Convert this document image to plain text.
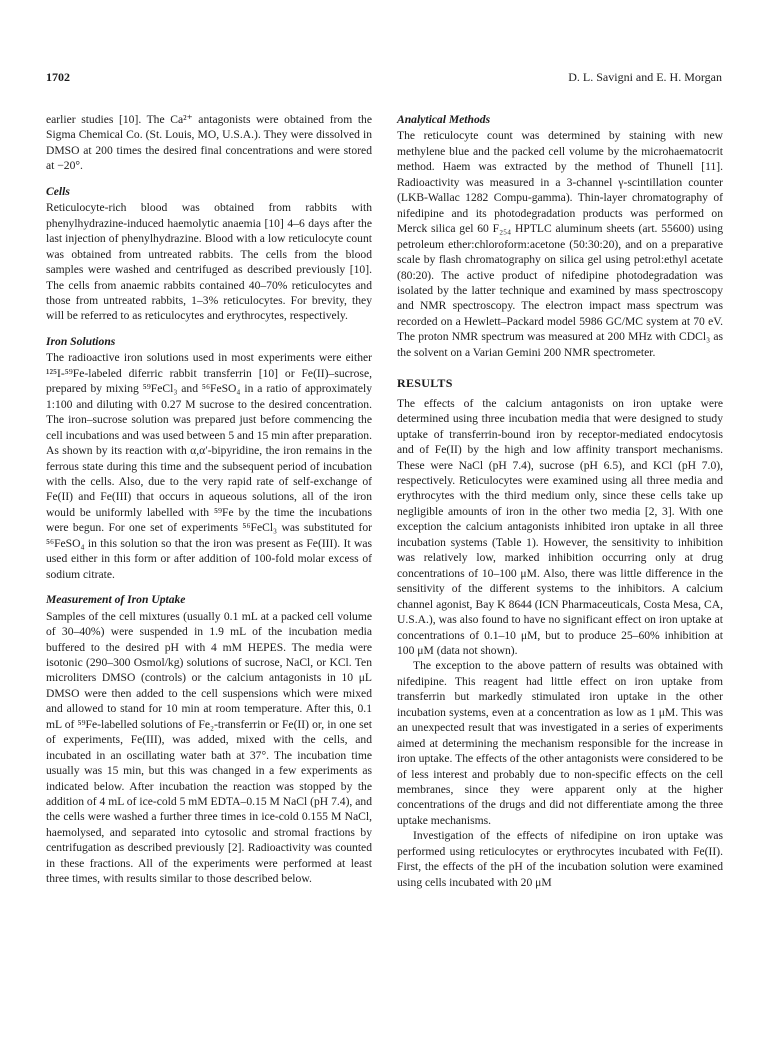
1702	D. L. Savigni and E. H. Morgan

earlier studies [10]. The Ca²⁺ antagonists were obtained from the Sigma Chemical Co. (St. Louis, MO, U.S.A.). They were dissolved in DMSO at 200 times the desired final concentrations and were stored at −20°.

Cells

Reticulocyte-rich blood was obtained from rabbits with phenylhydrazine-induced haemolytic anaemia [10] 4–6 days after the last injection of phenylhydrazine. Blood with a low reticulocyte count was obtained from untreated rabbits. The cells from the blood samples were washed and centrifuged as described previously [10]. The cells from anaemic rabbits contained 40–70% reticulocytes and those from untreated rabbits, 1–3% reticulocytes. For brevity, they will be referred to as reticulocytes and erythrocytes, respectively.

Iron Solutions

The radioactive iron solutions used in most experiments were either ¹²⁵I-⁵⁹Fe-labeled diferric rabbit transferrin [10] or Fe(II)–sucrose, prepared by mixing ⁵⁹FeCl₃ and ⁵⁶FeSO₄ in a ratio of approximately 1:100 and diluting with 0.27 M sucrose to the desired concentration. The iron–sucrose solution was prepared just before commencing the cell incubations and was used between 5 and 15 min after preparation. As shown by its reaction with α,α′-bipyridine, the iron remains in the ferrous state during this time and the subsequent period of incubation with the cells. Also, due to the very rapid rate of self-exchange of Fe(II) and Fe(III) that occurs in aqueous solutions, all of the iron would be uniformly labelled with ⁵⁹Fe by the time the incubations were begun. For one set of experiments ⁵⁶FeCl₃ was substituted for ⁵⁶FeSO₄ in this solution so that the iron was present as Fe(III). It was used either in this form or after addition of 100-fold molar excess of sodium citrate.

Measurement of Iron Uptake

Samples of the cell mixtures (usually 0.1 mL at a packed cell volume of 30–40%) were suspended in 1.9 mL of the incubation media buffered to the desired pH with 4 mM HEPES. The media were isotonic (290–300 Osmol/kg) solutions of sucrose, NaCl, or KCl. Ten microliters DMSO (controls) or the calcium antagonists in 10 μL DMSO were then added to the cell suspensions which were mixed and allowed to stand for 10 min at room temperature. After this, 0.1 mL of ⁵⁹Fe-labelled solutions of Fe₂-transferrin or Fe(II) or, in one set of experiments, Fe(III), was added, mixed with the cells, and incubated in an oscillating water bath at 37°. The incubation time usually was 15 min, but this was changed in a few experiments as indicated below. After incubation the reaction was stopped by the addition of 4 mL of ice-cold 5 mM EDTA–0.15 M NaCl (pH 7.4), and the cells were washed a further three times in ice-cold 0.155 M NaCl, haemolysed, and separated into cytosolic and stromal fractions by centrifugation as described previously [2]. Radioactivity was counted in these fractions. All of the experiments were performed at least three times, with results similar to those described below.

Analytical Methods

The reticulocyte count was determined by staining with new methylene blue and the packed cell volume by the microhaematocrit method. Haem was extracted by the method of Thunell [11]. Radioactivity was measured in a 3-channel γ-scintillation counter (LKB-Wallac 1282 Compu-gamma). Thin-layer chromatography of nifedipine and its photodegradation products was performed on Merck silica gel 60 F₂₅₄ HPTLC aluminum sheets (art. 55600) using petroleum ether:chloroform:acetone (50:30:20), and on a preparative scale by flash chromatography on silica gel using petrol:ethyl acetate (80:20). The active product of nifedipine photodegradation was isolated by the latter technique and examined by mass spectroscopy and NMR spectroscopy. The electron impact mass spectrum was recorded on a Hewlett–Packard model 5986 GC/MC system at 70 eV. The proton NMR spectrum was measured at 200 MHz with CDCl₃ as the solvent on a Varian Gemini 200 NMR spectrometer.

RESULTS

The effects of the calcium antagonists on iron uptake were determined using three incubation media that were designed to study uptake of transferrin-bound iron by receptor-mediated endocytosis and of Fe(II) by the high and low affinity transport mechanisms. These were NaCl (pH 7.4), sucrose (pH 6.5), and KCl (pH 7.0), respectively. Reticulocytes were examined using all three media and erythrocytes with the third medium only, since these cells take up negligible amounts of iron in the other two media [2, 3]. With one exception the calcium antagonists inhibited iron uptake in all three incubation systems (Table 1). However, the sensitivity to inhibition was relatively low, marked inhibition occurring only at drug concentrations of 10–100 μM. Also, there was little difference in the sensitivity of the different systems to the inhibitors. A calcium channel agonist, Bay K 8644 (ICN Pharmaceuticals, Costa Mesa, CA, U.S.A.), was also found to have no significant effect on iron uptake at concentrations of 0.1–10 μM, but to produce 25–60% inhibition at 100 μM (data not shown).

The exception to the above pattern of results was obtained with nifedipine. This reagent had little effect on iron uptake from transferrin but markedly stimulated iron uptake in the other incubation systems, even at a concentration as low as 1 μM. This was an unexpected result that was investigated in a series of experiments aimed at determining the mechanism responsible for the increase in iron uptake. The effects of the other antagonists were considered to be of less interest and probably due to non-specific effects on the cell membranes, since they were apparent only at the higher concentrations of the drugs and did not differentiate among the three uptake mechanisms.

Investigation of the effects of nifedipine on iron uptake was performed using reticulocytes or erythrocytes incubated with Fe(II). First, the effects of the pH of the incubation solution were examined using cells incubated with 20 μM
